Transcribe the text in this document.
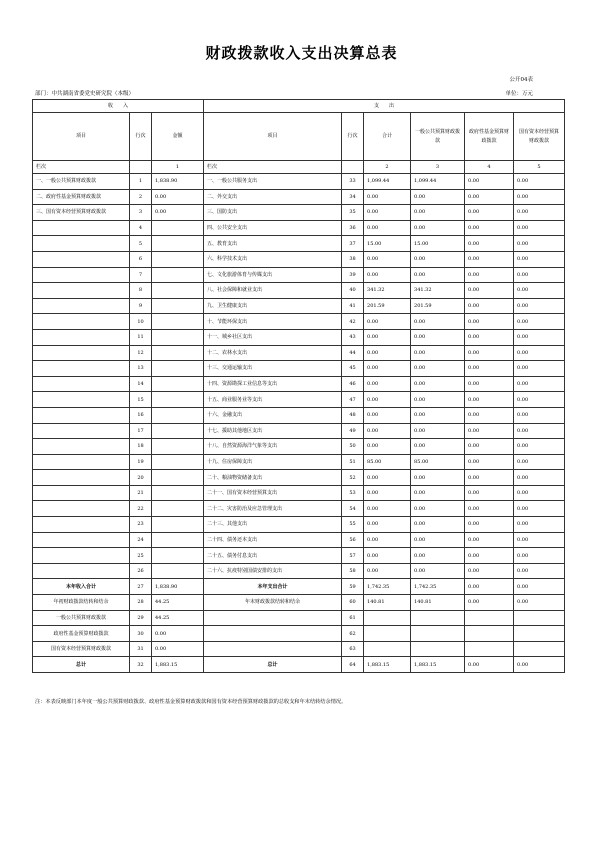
财政拨款收入支出决算总表
公开04表
部门：中共湖南省委党史研究院（本级）	单位：万元
收　　入			支　　出					
项目	行次	金额	项目	行次	合计	一般公共预算财政拨款	政府性基金预算财政拨款	国有资本经营预算财政拨款
栏次		1	栏次		2	3	4	5
一、一般公共预算财政拨款	1	1,838.90	一、一般公共服务支出	33	1,099.44	1,099.44	0.00	0.00
二、政府性基金预算财政拨款	2	0.00	二、外交支出	34	0.00	0.00	0.00	0.00
三、国有资本经营预算财政拨款	3	0.00	三、国防支出	35	0.00	0.00	0.00	0.00
	4		四、公共安全支出	36	0.00	0.00	0.00	0.00
	5		五、教育支出	37	15.00	15.00	0.00	0.00
	6		六、科学技术支出	38	0.00	0.00	0.00	0.00
	7		七、文化旅游体育与传媒支出	39	0.00	0.00	0.00	0.00
	8		八、社会保障和就业支出	40	341.32	341.32	0.00	0.00
	9		九、卫生健康支出	41	201.59	201.59	0.00	0.00
	10		十、节能环保支出	42	0.00	0.00	0.00	0.00
	11		十一、城乡社区支出	43	0.00	0.00	0.00	0.00
	12		十二、农林水支出	44	0.00	0.00	0.00	0.00
	13		十三、交通运输支出	45	0.00	0.00	0.00	0.00
	14		十四、资源勘探工业信息等支出	46	0.00	0.00	0.00	0.00
	15		十五、商业服务业等支出	47	0.00	0.00	0.00	0.00
	16		十六、金融支出	48	0.00	0.00	0.00	0.00
	17		十七、援助其他地区支出	49	0.00	0.00	0.00	0.00
	18		十八、自然资源海洋气象等支出	50	0.00	0.00	0.00	0.00
	19		十九、住房保障支出	51	85.00	85.00	0.00	0.00
	20		二十、粮油物资储备支出	52	0.00	0.00	0.00	0.00
	21		二十一、国有资本经营预算支出	53	0.00	0.00	0.00	0.00
	22		二十二、灾害防治及应急管理支出	54	0.00	0.00	0.00	0.00
	23		二十三、其他支出	55	0.00	0.00	0.00	0.00
	24		二十四、债务还本支出	56	0.00	0.00	0.00	0.00
	25		二十五、债务付息支出	57	0.00	0.00	0.00	0.00
	26		二十六、抗疫特别国债安排的支出	58	0.00	0.00	0.00	0.00
本年收入合计	27	1,838.90	本年支出合计	59	1,742.35	1,742.35	0.00	0.00
年初财政拨款结转和结余	28	44.25	年末财政拨款结转和结余	60	140.81	140.81	0.00	0.00
一般公共预算财政拨款	29	44.25		61				
政府性基金预算财政拨款	30	0.00		62				
国有资本经营预算财政拨款	31	0.00		63				
总计	32	1,883.15	总计	64	1,883.15	1,883.15	0.00	0.00
注：本表反映部门本年度一般公共预算财政拨款、政府性基金预算财政拨款和国有资本经营预算财政拨款的总收支和年末结转结余情况。
